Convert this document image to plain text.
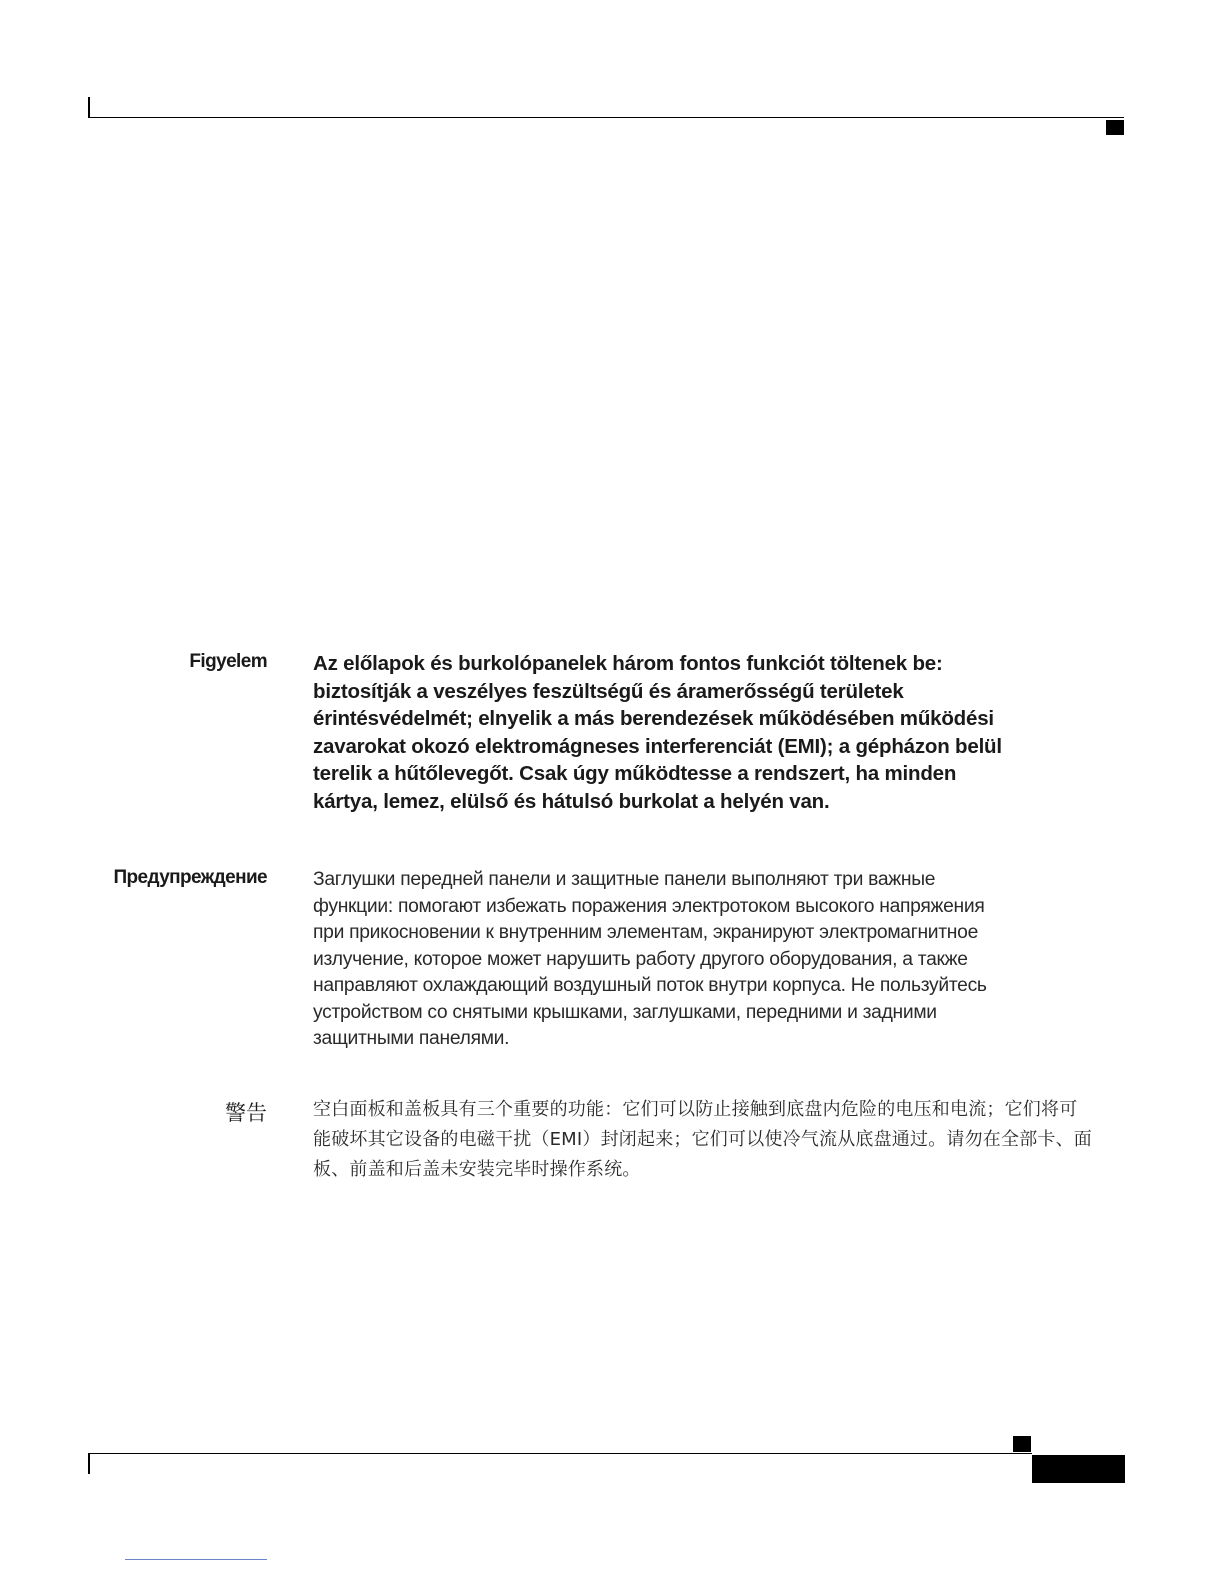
Figyelem Az előlapok és burkolópanelek három fontos funkciót töltenek be:
biztosítják a veszélyes feszültségű és áramerősségű területek
érintésvédelmét; elnyelik a más berendezések működésében működési
zavarokat okozó elektromágneses interferenciát (EMI); a gépházon belül
terelik a hűtőlevegőt. Csak úgy működtesse a rendszert, ha minden
kártya, lemez, elülső és hátulsó burkolat a helyén van.
Предупреждение Заглушки передней панели и защитные панели выполняют три важные
функции: помогают избежать поражения электротоком высокого напряжения
при прикосновении к внутренним элементам, экранируют электромагнитное
излучение, которое может нарушить работу другого оборудования, а также
направляют охлаждающий воздушный поток внутри корпуса. Не пользуйтесь
устройством со снятыми крышками, заглушками, передними и задними
защитными панелями.
警告	空白面板和盖板具有三个重要的功能：它们可以防止接触到底盘内危险的电压和电流；它们将可
能破坏其它设备的电磁干扰（EMI）封闭起来；它们可以使冷气流从底盘通过。请勿在全部卡、面
板、前盖和后盖未安装完毕时操作系统。
